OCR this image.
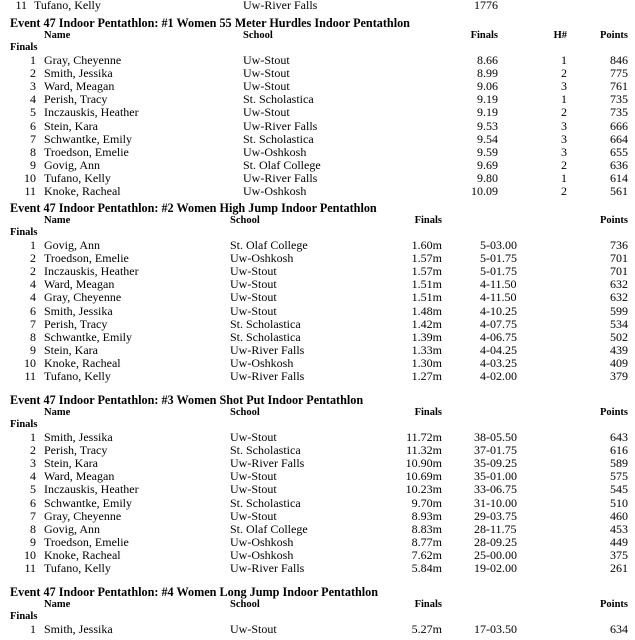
11 Tufano, Kelly	Uw-River Falls	1776
Event 47 Indoor Pentathlon: #1 Women 55 Meter Hurdles Indoor Pentathlon
Name	School	Finals	H#	Points
Finals
1 Gray, Cheyenne	Uw-Stout	8.66	1	846
2 Smith, Jessika	Uw-Stout	8.99	2	775
3 Ward, Meagan	Uw-Stout	9.06	3	761
4 Perish, Tracy	St. Scholastica	9.19	1	735
5 Inczauskis, Heather	Uw-Stout	9.19	2	735
6 Stein, Kara	Uw-River Falls	9.53	3	666
7 Schwantke, Emily	St. Scholastica	9.54	3	664
8 Troedson, Emelie	Uw-Oshkosh	9.59	3	655
9 Govig, Ann	St. Olaf College	9.69	2	636
10 Tufano, Kelly	Uw-River Falls	9.80	1	614
11 Knoke, Racheal	Uw-Oshkosh	10.09	2	561
Event 47 Indoor Pentathlon: #2 Women High Jump Indoor Pentathlon
Name	School	Finals	Points
Finals
1 Govig, Ann	St. Olaf College	1.60m	5-03.00	736
2 Troedson, Emelie	Uw-Oshkosh	1.57m	5-01.75	701
2 Inczauskis, Heather	Uw-Stout	1.57m	5-01.75	701
4 Ward, Meagan	Uw-Stout	1.51m	4-11.50	632
4 Gray, Cheyenne	Uw-Stout	1.51m	4-11.50	632
6 Smith, Jessika	Uw-Stout	1.48m	4-10.25	599
7 Perish, Tracy	St. Scholastica	1.42m	4-07.75	534
8 Schwantke, Emily	St. Scholastica	1.39m	4-06.75	502
9 Stein, Kara	Uw-River Falls	1.33m	4-04.25	439
10 Knoke, Racheal	Uw-Oshkosh	1.30m	4-03.25	409
11 Tufano, Kelly	Uw-River Falls	1.27m	4-02.00	379
Event 47 Indoor Pentathlon: #3 Women Shot Put Indoor Pentathlon
Name	School	Finals	Points
Finals
1 Smith, Jessika	Uw-Stout	11.72m	38-05.50	643
2 Perish, Tracy	St. Scholastica	11.32m	37-01.75	616
3 Stein, Kara	Uw-River Falls	10.90m	35-09.25	589
4 Ward, Meagan	Uw-Stout	10.69m	35-01.00	575
5 Inczauskis, Heather	Uw-Stout	10.23m	33-06.75	545
6 Schwantke, Emily	St. Scholastica	9.70m	31-10.00	510
7 Gray, Cheyenne	Uw-Stout	8.93m	29-03.75	460
8 Govig, Ann	St. Olaf College	8.83m	28-11.75	453
9 Troedson, Emelie	Uw-Oshkosh	8.77m	28-09.25	449
10 Knoke, Racheal	Uw-Oshkosh	7.62m	25-00.00	375
11 Tufano, Kelly	Uw-River Falls	5.84m	19-02.00	261
Event 47 Indoor Pentathlon: #4 Women Long Jump Indoor Pentathlon
Name	School	Finals	Points
Finals
1 Smith, Jessika	Uw-Stout	5.27m	17-03.50	634
